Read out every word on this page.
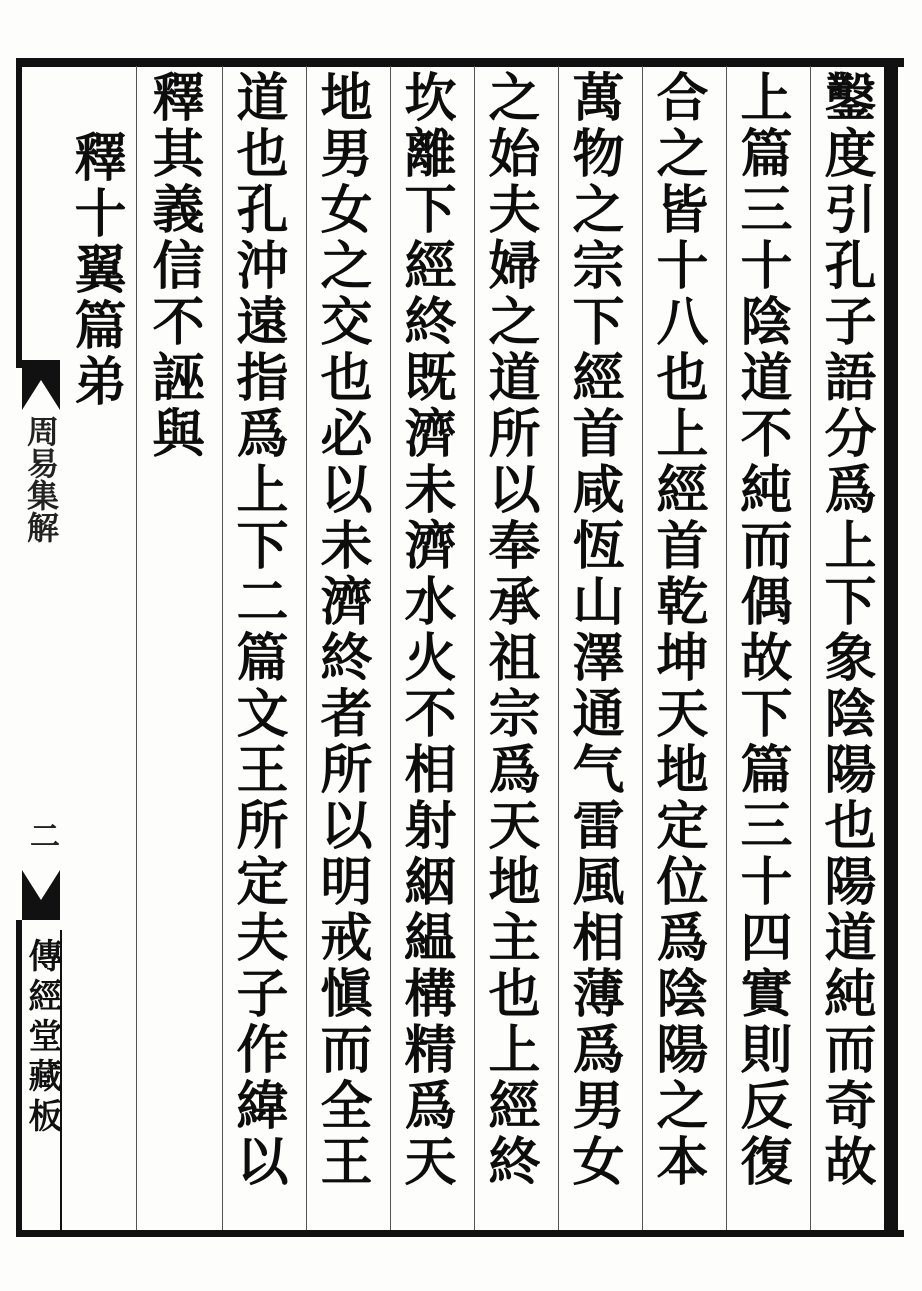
鑿度引孔子語分爲上下象陰陽也陽道純而奇故
上篇三十陰道不純而偶故下篇三十四實則反復
合之皆十八也上經首乾坤天地定位爲陰陽之本
萬物之宗下經首咸恆山澤通气雷風相薄爲男女
之始夫婦之道所以奉承祖宗爲天地主也上經終
坎離下經終既濟未濟水火不相射絪緼構精爲天
地男女之交也必以未濟終者所以明戒愼而全王
道也孔沖遠指爲上下二篇文王所定夫子作緯以
釋其義信不誣與
釋十翼篇弟
周易集解
二
傳經堂藏板
